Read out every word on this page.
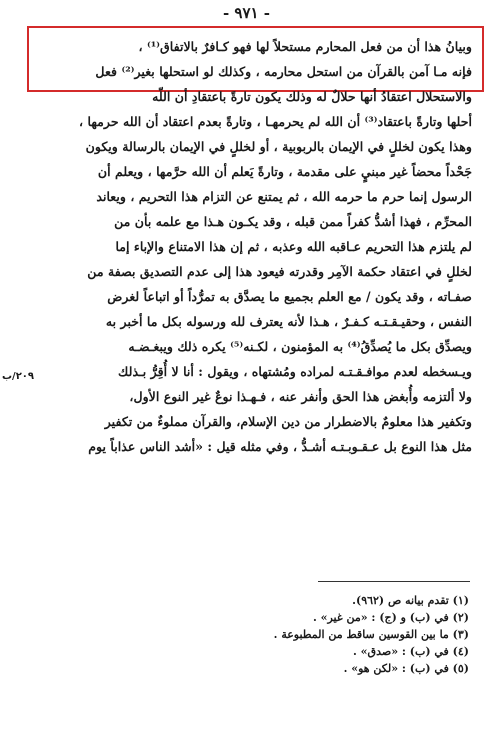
- ٩٧١ -
وبيانُ هذا أن من فعل المحارم مستحلاً لها فهو كـافرٌ بالاتفاق⁽¹⁾ ،
فإنه مـا آمن بالقرآن من استحل محارمه ، وكذلك لو استحلها بغير⁽²⁾ فعل
والاستحلال اعتقادُ أنها حلالٌ له وذلك يكون تارةً باعتقادِ أن اللّه
أحلها وتارةً باعتقاد⁽³⁾ أن الله لم يحرمهـا ، وتارةً بعدم اعتقاد أن الله حرمها ،
وهذا يكون لخللٍ في الإيمان بالربوبية ، أو لخللٍ في الإيمان بالرسالة ويكون
جَحْداً محضاً غير مبنيٍ على مقدمة ، وتارةً يَعلم أن الله حرَّمها ، ويعلم أن
الرسول إنما حرم ما حرمه الله ، ثم يمتنع عن التزام هذا التحريم ، ويعاند
المحرِّم ، فهذا أشدُّ كفراً ممن قبله ، وقد يكـون هـذا مع علمه بأن من
لم يلتزم هذا التحريم عـاقبه الله وعذبه ، ثم إن هذا الامتناع والإباء إما
لخللٍ في اعتقاد حكمة الآمِر وقدرته فيعود هذا إلى عدم التصديق بصفة من
صفـاته ، وقد يكون / مع العلم بجميع ما يصدَّق به تمرُّداً أو اتباعاً لغرض
النفس ، وحقيـقـتـه كـفـرٌ ، هـذا لأنه يعترف لله ورسوله بكل ما أخبر به
ويصدِّق بكل ما يُصدِّقُ⁽⁴⁾ به المؤمنون ، لكـنه⁽⁵⁾ يكره ذلك ويبغـضـه
ويـسخطه لعدم موافـقـتـه لمراده ومُشتهاه ، ويقول : أنا لا أُقِرُّ بـذلك
ولا ألتزمه وأُبغض هذا الحق وأنفر عنه ، فـهـذا نوعٌ غير النوع الأول،
وتكفير هذا معلومٌ بالاضطرار من دين الإسلام، والقرآن مملوءٌ من تكفير
مثل هذا النوع بل عـقـوبـتـه أشـدُّ ، وفي مثله قيل : «أشد الناس عذاباً يوم
٢٠٩/ب
(١) تقدم بيانه ص (٩٦٢).
(٢) في (ب) و (ج) : «من غير» .
(٣) ما بين القوسين ساقط من المطبوعة .
(٤) في (ب) : «صدق» .
(٥) في (ب) : «لكن هو» .
